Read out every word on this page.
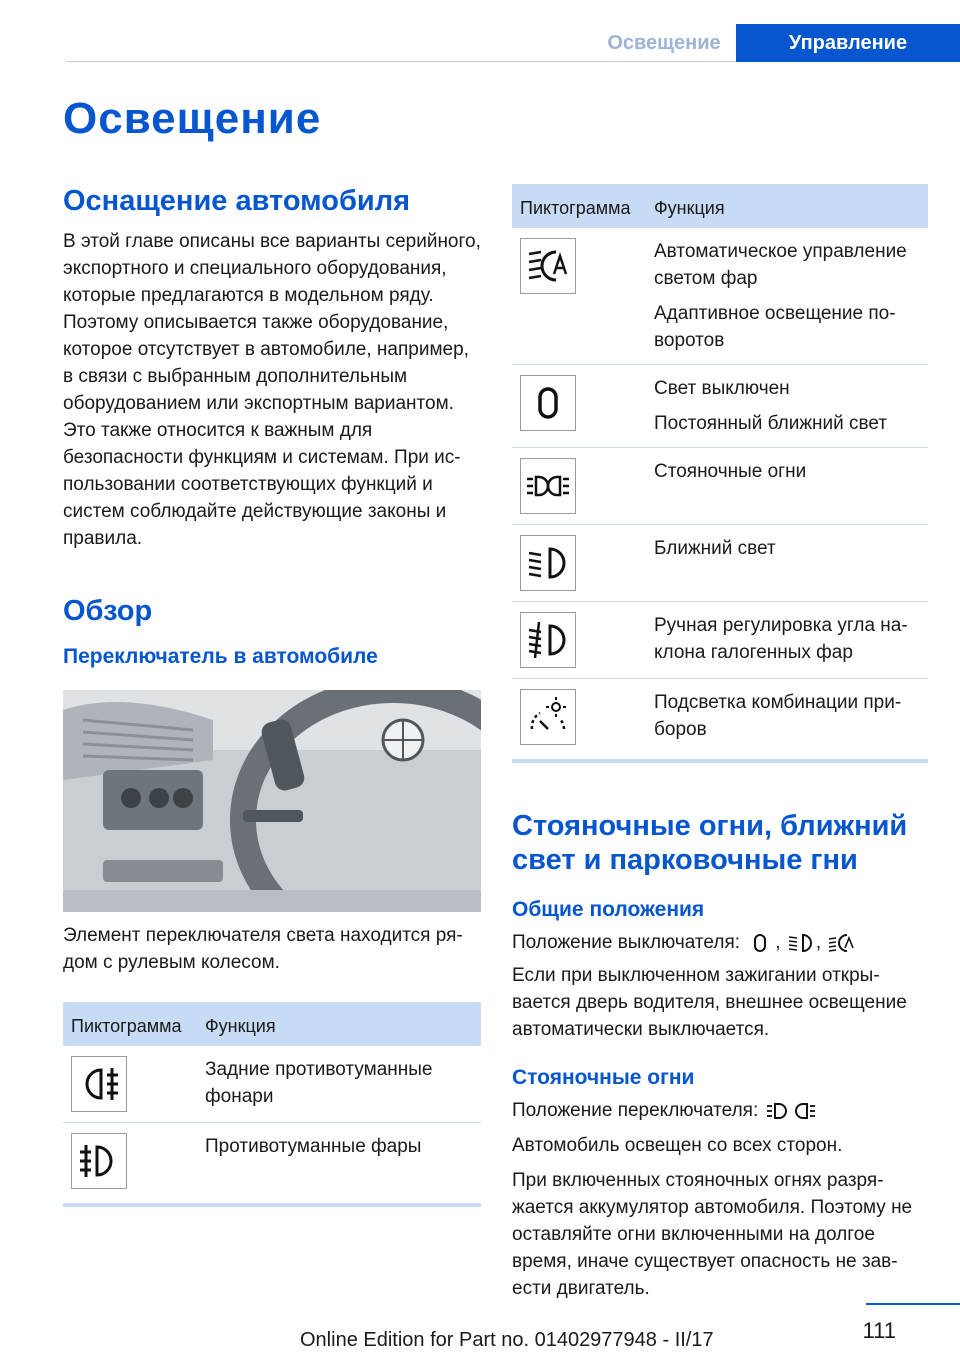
Освещение	Управление
Освещение
Оснащение автомобиля

В этой главе описаны все варианты серийного, экспортного и специального оборудования, которые предлагаются в модельном ряду. Поэтому описывается также оборудование, которое отсутствует в автомобиле, например, в связи с выбранным дополнительным оборудованием или экспортным вариантом. Это также относится к важным для безопасности функциям и системам. При использовании соответствующих функций и систем соблюдайте действующие законы и правила.

Обзор
Переключатель в автомобиле

Элемент переключателя света находится рядом с рулевым колесом.

Пиктограмма	Функция

Задние противотуманные фонари

Противотуманные фары
Пиктограмма	Функция

Автоматическое управление светом фар
Адаптивное освещение поворотов

Свет выключен
Постоянный ближний свет

Стояночные огни

Ближний свет

Ручная регулировка угла наклона галогенных фар

Подсветка комбинации приборов
Стояночные огни, ближний свет и парковочные гни
Общие положения

Положение выключателя: , ,

Если при выключенном зажигании открывается дверь водителя, внешнее освещение автоматически выключается.

Стояночные огни

Положение переключателя:

Автомобиль освещен со всех сторон.

При включенных стояночных огнях разряжается аккумулятор автомобиля. Поэтому не оставляйте огни включенными на долгое время, иначе существует опасность не завести двигатель.

111
Online Edition for Part no. 01402977948 - II/17
